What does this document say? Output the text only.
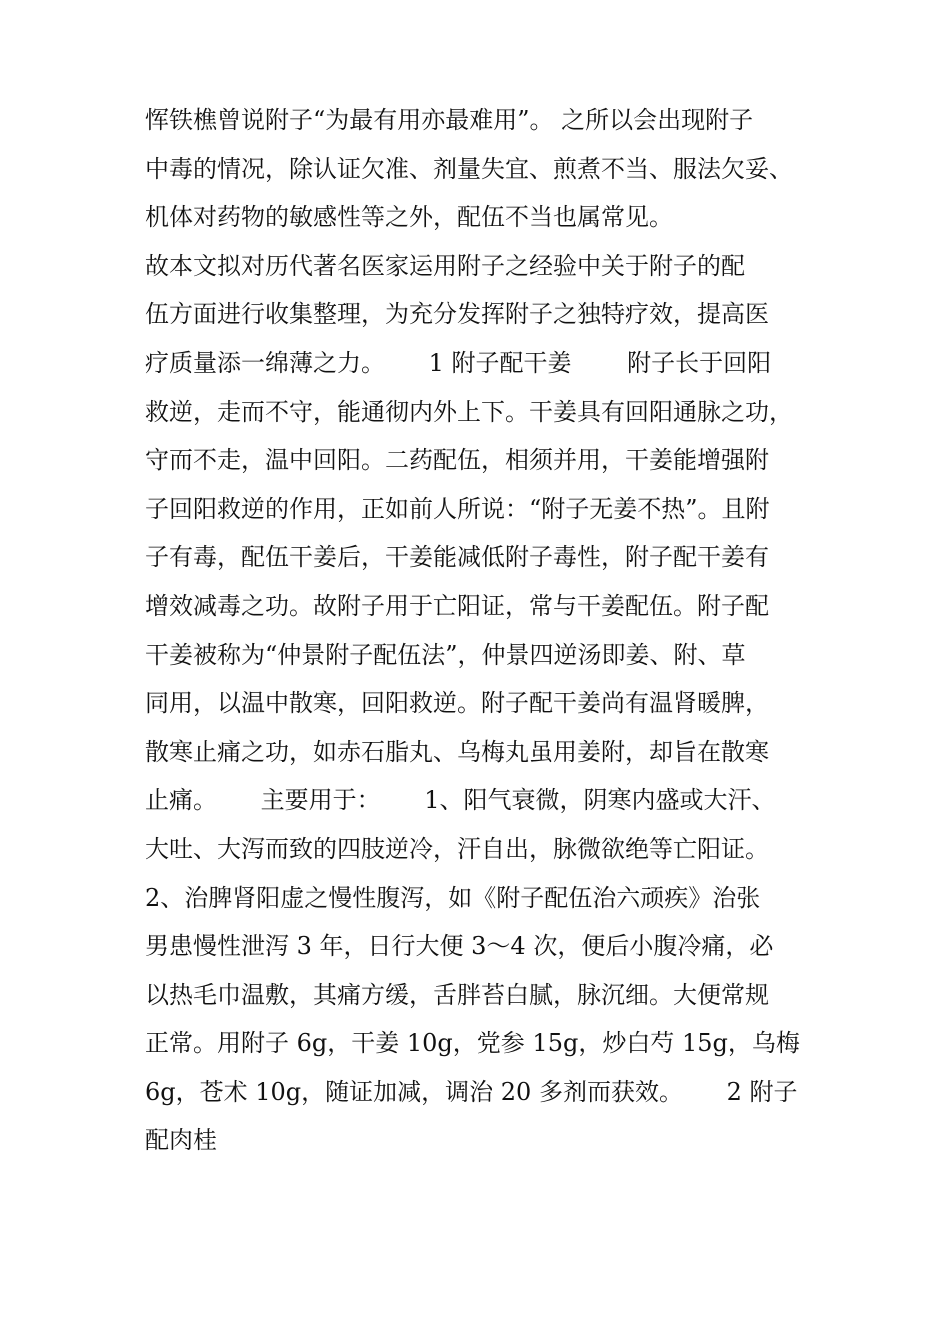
恽铁樵曾说附子“为最有用亦最难用”。 之所以会出现附子
中毒的情况，除认证欠准、剂量失宜、煎煮不当、服法欠妥、
机体对药物的敏感性等之外，配伍不当也属常见。
故本文拟对历代著名医家运用附子之经验中关于附子的配
伍方面进行收集整理，为充分发挥附子之独特疗效，提高医
疗质量添一绵薄之力。　　 1 附子配干姜　　 附子长于回阳
救逆，走而不守，能通彻内外上下。干姜具有回阳通脉之功，
守而不走，温中回阳。二药配伍，相须并用，干姜能增强附
子回阳救逆的作用，正如前人所说：“附子无姜不热”。且附
子有毒，配伍干姜后，干姜能减低附子毒性，附子配干姜有
增效减毒之功。故附子用于亡阳证，常与干姜配伍。附子配
干姜被称为“仲景附子配伍法”，仲景四逆汤即姜、附、草
同用，以温中散寒，回阳救逆。附子配干姜尚有温肾暖脾，
散寒止痛之功，如赤石脂丸、乌梅丸虽用姜附，却旨在散寒
止痛。　　 主要用于：　　 1、阳气衰微，阴寒内盛或大汗、
大吐、大泻而致的四肢逆冷，汗自出，脉微欲绝等亡阳证。
2、治脾肾阳虚之慢性腹泻，如《附子配伍治六顽疾》治张
男患慢性泄泻 3 年，日行大便 3～4 次，便后小腹冷痛，必
以热毛巾温敷，其痛方缓，舌胖苔白腻，脉沉细。大便常规
正常。用附子 6g，干姜 10g，党参 15g，炒白芍 15g，乌梅
6g，苍术 10g，随证加减，调治 20 多剂而获效。　　 2 附子
配肉桂
